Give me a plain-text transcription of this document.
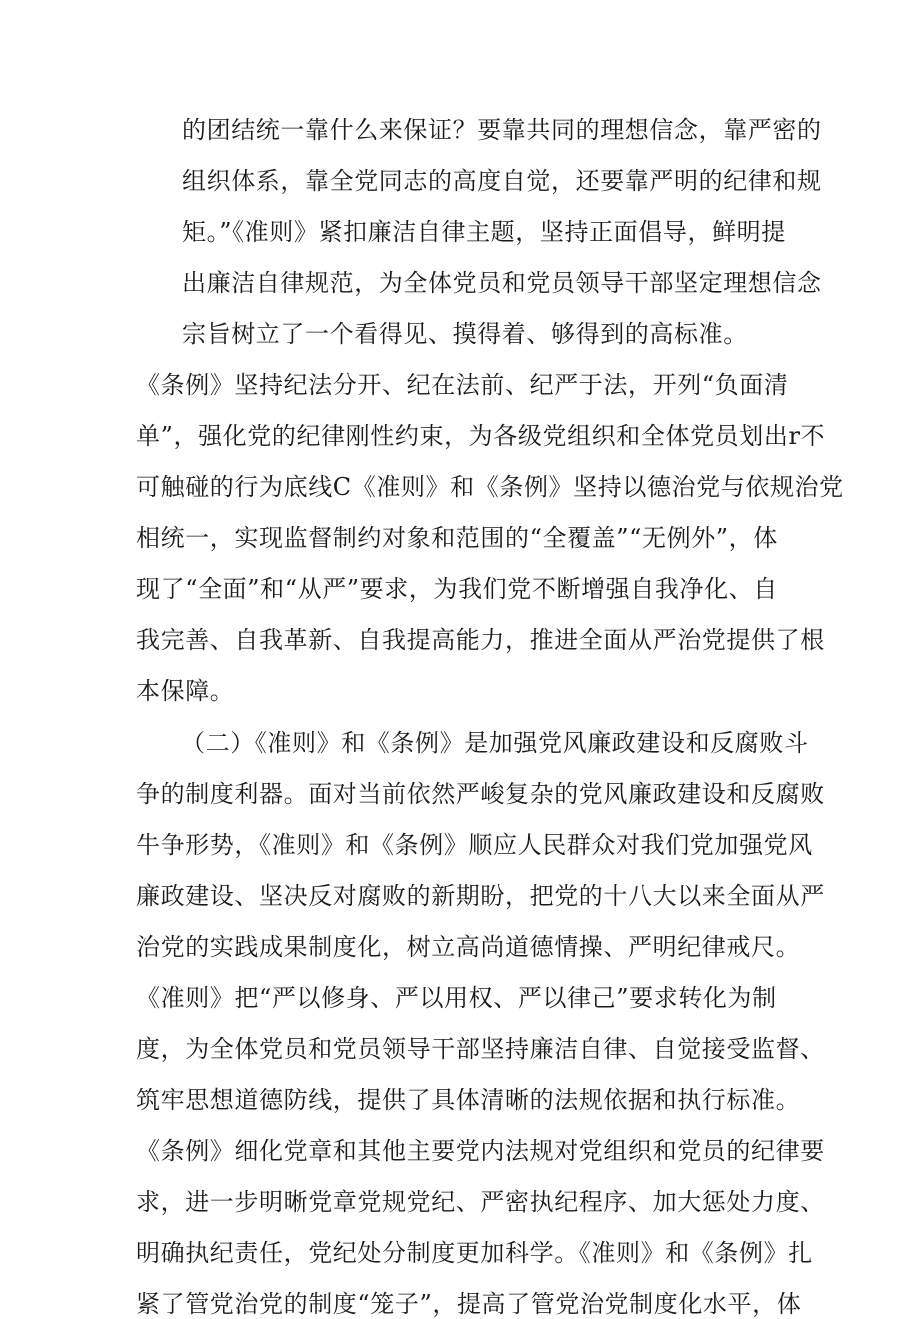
的团结统一靠什么来保证？要靠共同的理想信念，靠严密的
组织体系，靠全党同志的高度自觉，还要靠严明的纪律和规
矩。”《准则》紧扣廉洁自律主题，坚持正面倡导，鲜明提
出廉洁自律规范，为全体党员和党员领导干部坚定理想信念
宗旨树立了一个看得见、摸得着、够得到的高标准。
《条例》坚持纪法分开、纪在法前、纪严于法，开列“负面清
单”，强化党的纪律刚性约束，为各级党组织和全体党员划出r不
可触碰的行为底线C《准则》和《条例》坚持以德治党与依规治党
相统一，实现监督制约对象和范围的“全覆盖”“无例外”，体
现了“全面”和“从严”要求，为我们党不断增强自我净化、自
我完善、自我革新、自我提高能力，推进全面从严治党提供了根
本保障。
（二）《准则》和《条例》是加强党风廉政建设和反腐败斗
争的制度利器。面对当前依然严峻复杂的党风廉政建设和反腐败
牛争形势，《准则》和《条例》顺应人民群众对我们党加强党风
廉政建设、坚决反对腐败的新期盼，把党的十八大以来全面从严
治党的实践成果制度化，树立高尚道德情操、严明纪律戒尺。
《准则》把“严以修身、严以用权、严以律己”要求转化为制
度，为全体党员和党员领导干部坚持廉洁自律、自觉接受监督、
筑牢思想道德防线，提供了具体清晰的法规依据和执行标准。
《条例》细化党章和其他主要党内法规对党组织和党员的纪律要
求，进一步明晰党章党规党纪、严密执纪程序、加大惩处力度、
明确执纪责任，党纪处分制度更加科学。《准则》和《条例》扎
紧了管党治党的制度“笼子”，提高了管党治党制度化水平，体
